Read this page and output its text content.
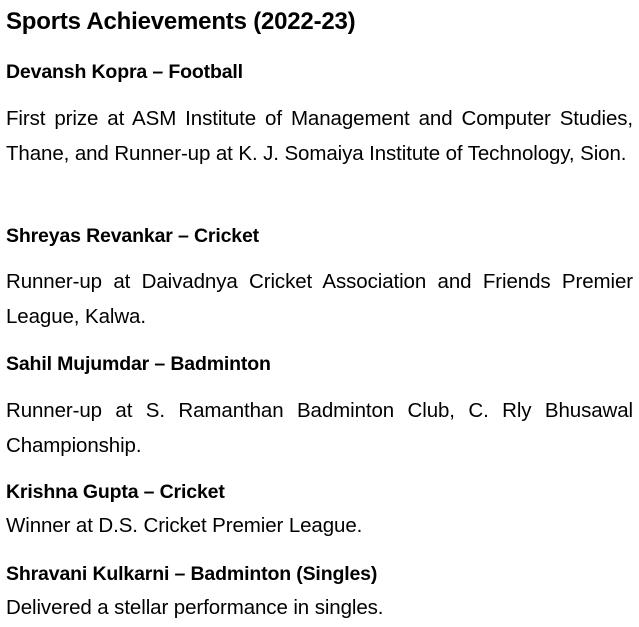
Sports Achievements (2022-23)
Devansh Kopra – Football
First prize at ASM Institute of Management and Computer Studies, Thane, and Runner-up at K. J. Somaiya Institute of Technology, Sion.
Shreyas Revankar – Cricket
Runner-up at Daivadnya Cricket Association and Friends Premier League, Kalwa.
Sahil Mujumdar – Badminton
Runner-up at S. Ramanthan Badminton Club, C. Rly Bhusawal Championship.
Krishna Gupta – Cricket
Winner at D.S. Cricket Premier League.
Shravani Kulkarni – Badminton (Singles)
Delivered a stellar performance in singles.
